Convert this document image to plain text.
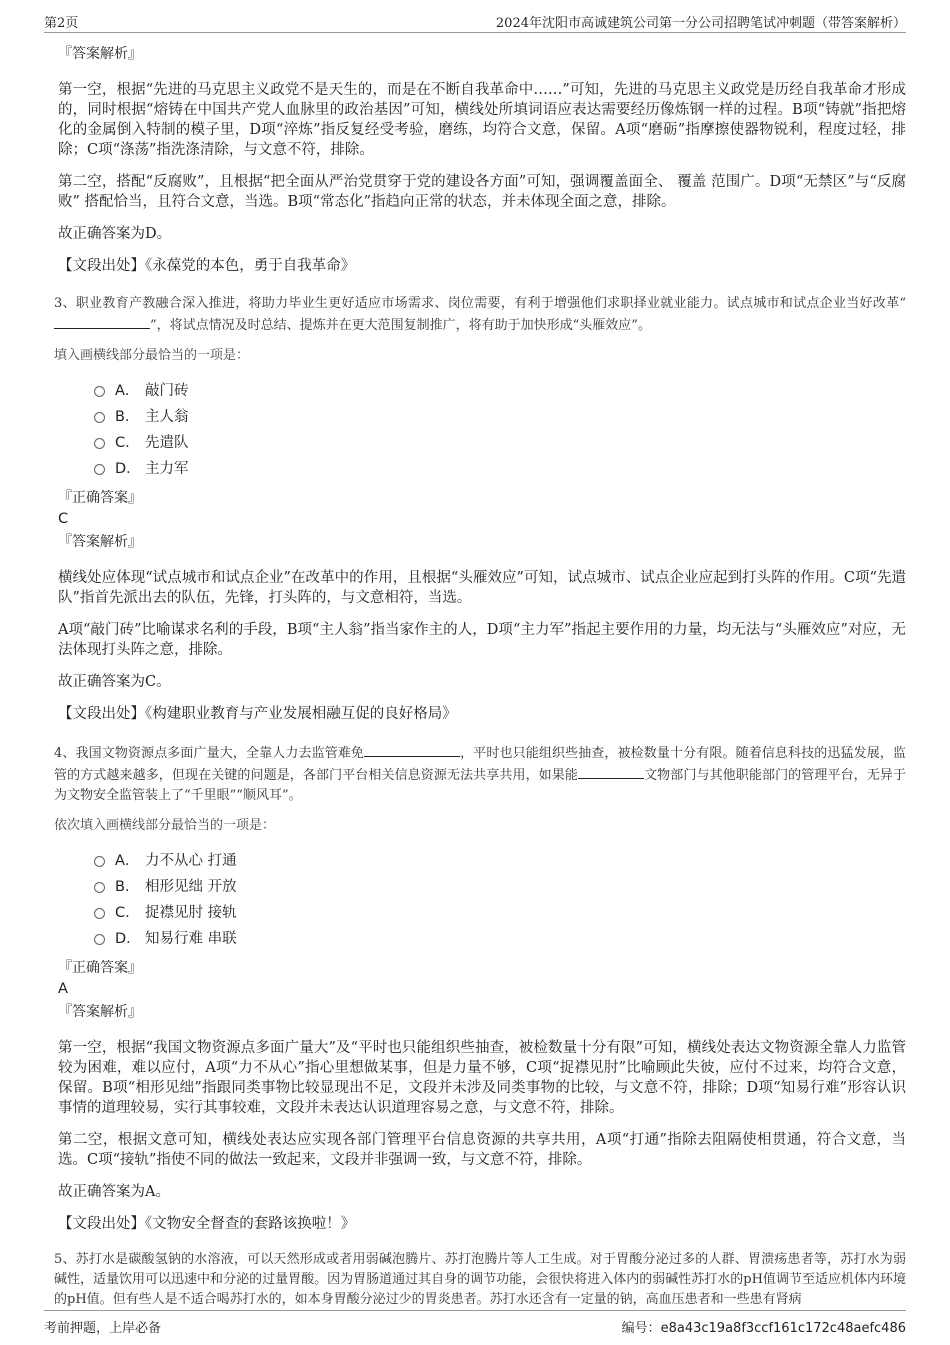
第2页	2024年沈阳市高诚建筑公司第一分公司招聘笔试冲刺题（带答案解析）
『答案解析』

第一空，根据“先进的马克思主义政党不是天生的，而是在不断自我革命中……”可知，先进的马克思主义政党是历经自我革命才形成的，同时根据“熔铸在中国共产党人血脉里的政治基因”可知，横线处所填词语应表达需要经历像炼钢一样的过程。B项“铸就”指把熔化的金属倒入特制的模子里，D项“淬炼”指反复经受考验，磨练，均符合文意，保留。A项“磨砺”指摩擦使器物锐利，程度过轻，排除；C项“涤荡”指洗涤清除，与文意不符，排除。

第二空，搭配“反腐败”，且根据“把全面从严治党贯穿于党的建设各方面”可知，强调覆盖面全、 覆盖 范围广。D项“无禁区”与“反腐败” 搭配恰当，且符合文意，当选。B项“常态化”指趋向正常的状态，并未体现全面之意，排除。

故正确答案为D。

【文段出处】《永葆党的本色，勇于自我革命》

3、职业教育产教融合深入推进，将助力毕业生更好适应市场需求、岗位需要，有利于增强他们求职择业就业能力。试点城市和试点企业当好改革“”，将试点情况及时总结、提炼并在更大范围复制推广，将有助于加快形成“头雁效应”。

填入画横线部分最恰当的一项是：

A． 敲门砖
B． 主人翁
C． 先遣队
D． 主力军
『正确答案』
C
『答案解析』

横线处应体现“试点城市和试点企业”在改革中的作用，且根据“头雁效应”可知，试点城市、试点企业应起到打头阵的作用。C项“先遣队”指首先派出去的队伍，先锋，打头阵的，与文意相符，当选。

A项“敲门砖”比喻谋求名利的手段，B项“主人翁”指当家作主的人，D项“主力军”指起主要作用的力量，均无法与“头雁效应”对应，无法体现打头阵之意，排除。

故正确答案为C。

【文段出处】《构建职业教育与产业发展相融互促的良好格局》

4、我国文物资源点多面广量大，全靠人力去监管难免	，平时也只能组织些抽查，被检数量十分有限。随着信息科技的迅猛发展，监管的方式越来越多，但现在关键的问题是，各部门平台相关信息资源无法共享共用，如果能	文物部门与其他职能部门的管理平台，无异于为文物安全监管装上了“千里眼”“顺风耳”。

依次填入画横线部分最恰当的一项是：

A． 力不从心 打通
B． 相形见绌 开放
C． 捉襟见肘 接轨
D． 知易行难 串联
『正确答案』
A
『答案解析』

第一空，根据“我国文物资源点多面广量大”及“平时也只能组织些抽查，被检数量十分有限”可知，横线处表达文物资源全靠人力监管较为困难，难以应付，A项“力不从心”指心里想做某事，但是力量不够，C项“捉襟见肘”比喻顾此失彼，应付不过来，均符合文意，保留。B项“相形见绌”指跟同类事物比较显现出不足，文段并未涉及同类事物的比较，与文意不符，排除；D项“知易行难”形容认识事情的道理较易，实行其事较难，文段并未表达认识道理容易之意，与文意不符，排除。

第二空，根据文意可知，横线处表达应实现各部门管理平台信息资源的共享共用，A项“打通”指除去阻隔使相贯通，符合文意，当选。C项“接轨”指使不同的做法一致起来，文段并非强调一致，与文意不符，排除。

故正确答案为A。

【文段出处】《文物安全督查的套路该换啦！》

5、苏打水是碳酸氢钠的水溶液，可以天然形成或者用弱碱泡腾片、苏打泡腾片等人工生成。对于胃酸分泌过多的人群、胃溃疡患者等，苏打水为弱碱性，适量饮用可以迅速中和分泌的过量胃酸。因为胃肠道通过其自身的调节功能，会很快将进入体内的弱碱性苏打水的pH值调节至适应机体内环境的pH值。但有些人是不适合喝苏打水的，如本身胃酸分泌过少的胃炎患者。苏打水还含有一定量的钠，高血压患者和一些患有肾病

考前押题，上岸必备	编号：e8a43c19a8f3ccf161c172c48aefc486
